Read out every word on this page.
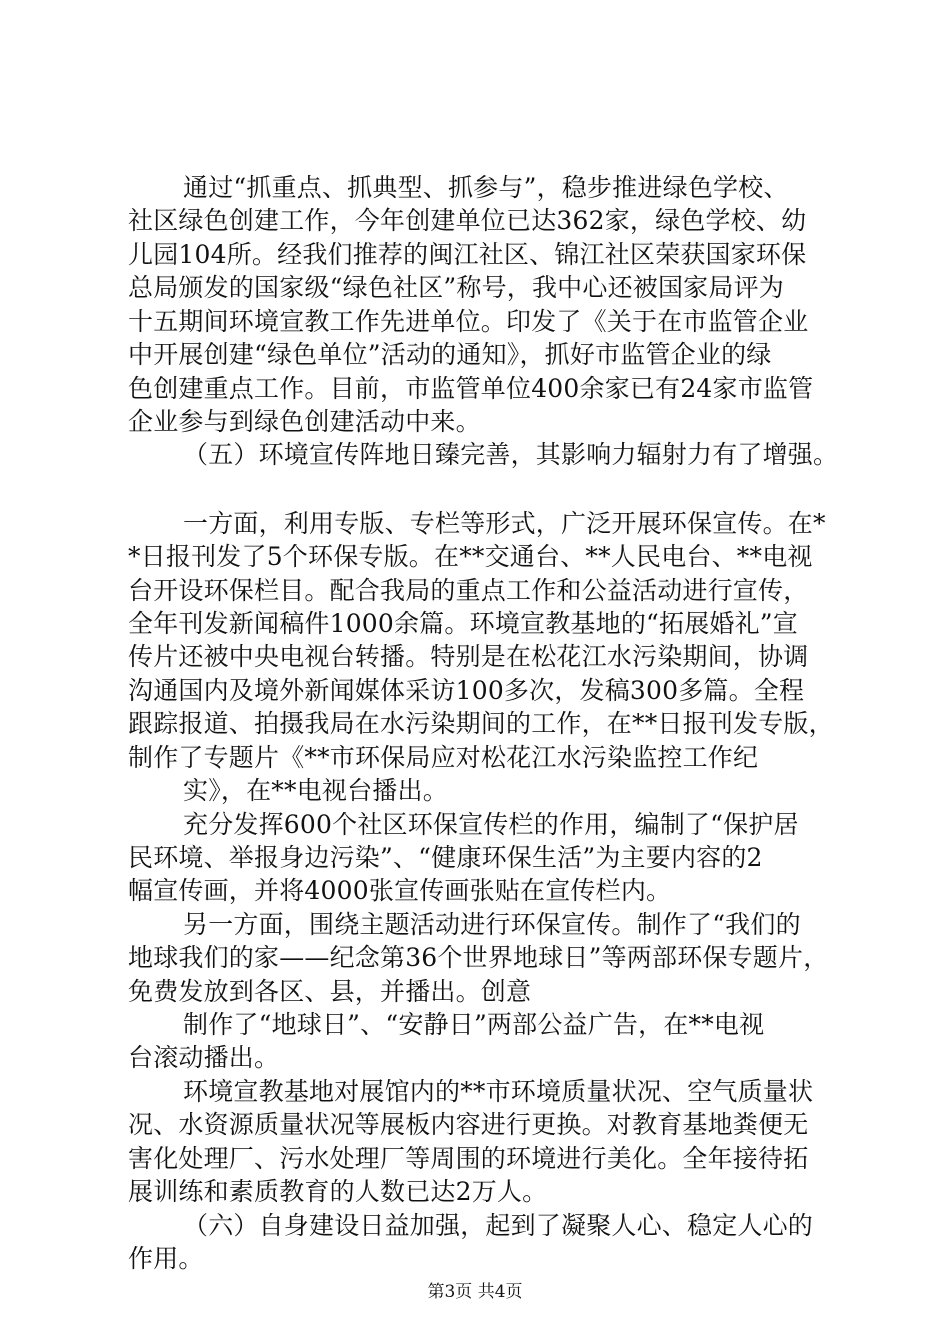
通过“抓重点、抓典型、抓参与”，稳步推进绿色学校、
社区绿色创建工作，今年创建单位已达362家，绿色学校、幼
儿园104所。经我们推荐的闽江社区、锦江社区荣获国家环保
总局颁发的国家级“绿色社区”称号，我中心还被国家局评为
十五期间环境宣教工作先进单位。印发了《关于在市监管企业
中开展创建“绿色单位”活动的通知》，抓好市监管企业的绿
色创建重点工作。目前，市监管单位400余家已有24家市监管
企业参与到绿色创建活动中来。
（五）环境宣传阵地日臻完善，其影响力辐射力有了增强。
一方面，利用专版、专栏等形式，广泛开展环保宣传。在*
*日报刊发了5个环保专版。在**交通台、**人民电台、**电视
台开设环保栏目。配合我局的重点工作和公益活动进行宣传，
全年刊发新闻稿件1000余篇。环境宣教基地的“拓展婚礼”宣
传片还被中央电视台转播。特别是在松花江水污染期间，协调
沟通国内及境外新闻媒体采访100多次，发稿300多篇。全程
跟踪报道、拍摄我局在水污染期间的工作，在**日报刊发专版，
制作了专题片《**市环保局应对松花江水污染监控工作纪
实》，在**电视台播出。
充分发挥600个社区环保宣传栏的作用，编制了“保护居
民环境、举报身边污染”、“健康环保生活”为主要内容的2
幅宣传画，并将4000张宣传画张贴在宣传栏内。
另一方面，围绕主题活动进行环保宣传。制作了“我们的
地球我们的家——纪念第36个世界地球日”等两部环保专题片，
免费发放到各区、县，并播出。创意
制作了“地球日”、“安静日”两部公益广告，在**电视
台滚动播出。
环境宣教基地对展馆内的**市环境质量状况、空气质量状
况、水资源质量状况等展板内容进行更换。对教育基地粪便无
害化处理厂、污水处理厂等周围的环境进行美化。全年接待拓
展训练和素质教育的人数已达2万人。
（六）自身建设日益加强，起到了凝聚人心、稳定人心的
作用。
第3页 共4页
